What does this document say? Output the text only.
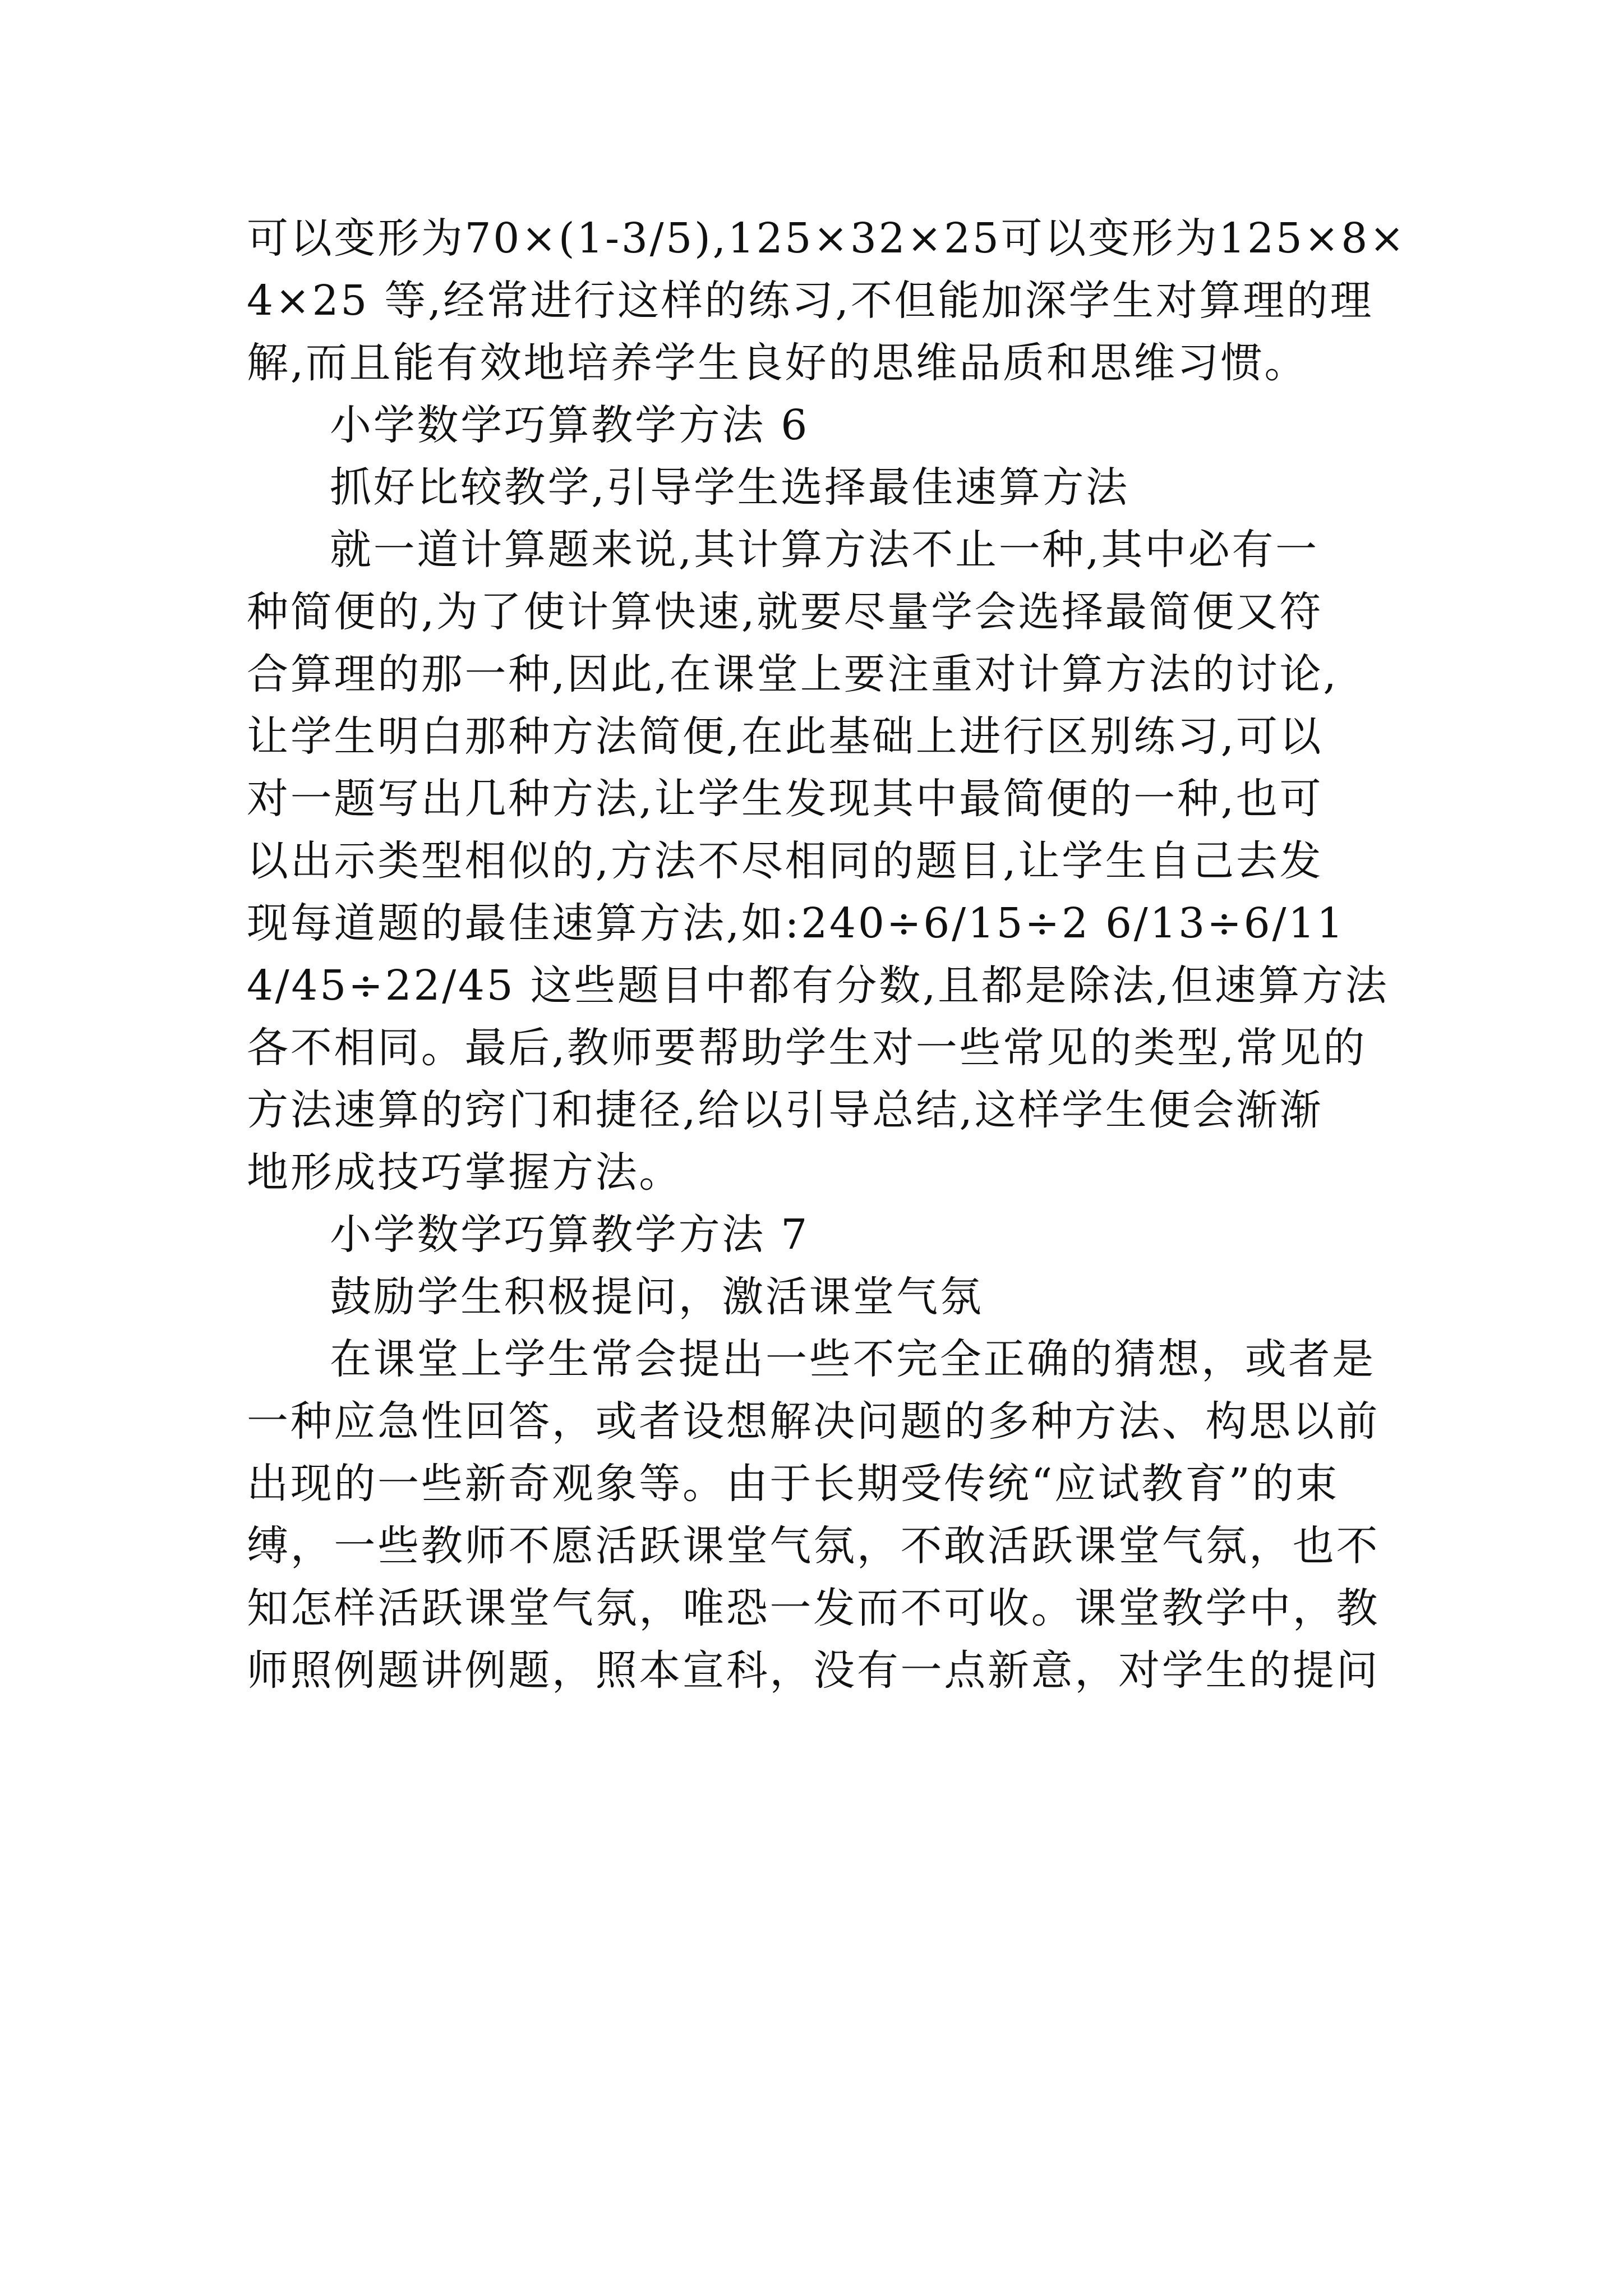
可以变形为70×(1-3/5),125×32×25可以变形为125×8×
4×25 等,经常进行这样的练习,不但能加深学生对算理的理
解,而且能有效地培养学生良好的思维品质和思维习惯。
小学数学巧算教学方法 6
抓好比较教学,引导学生选择最佳速算方法
就一道计算题来说,其计算方法不止一种,其中必有一
种简便的,为了使计算快速,就要尽量学会选择最简便又符
合算理的那一种,因此,在课堂上要注重对计算方法的讨论,
让学生明白那种方法简便,在此基础上进行区别练习,可以
对一题写出几种方法,让学生发现其中最简便的一种,也可
以出示类型相似的,方法不尽相同的题目,让学生自己去发
现每道题的最佳速算方法,如:240÷6/15÷2 6/13÷6/11
4/45÷22/45 这些题目中都有分数,且都是除法,但速算方法
各不相同。最后,教师要帮助学生对一些常见的类型,常见的
方法速算的窍门和捷径,给以引导总结,这样学生便会渐渐
地形成技巧掌握方法。
小学数学巧算教学方法 7
鼓励学生积极提问，激活课堂气氛
在课堂上学生常会提出一些不完全正确的猜想，或者是
一种应急性回答，或者设想解决问题的多种方法、构思以前
出现的一些新奇观象等。由于长期受传统“应试教育”的束
缚，一些教师不愿活跃课堂气氛，不敢活跃课堂气氛，也不
知怎样活跃课堂气氛，唯恐一发而不可收。课堂教学中，教
师照例题讲例题，照本宣科，没有一点新意，对学生的提问
